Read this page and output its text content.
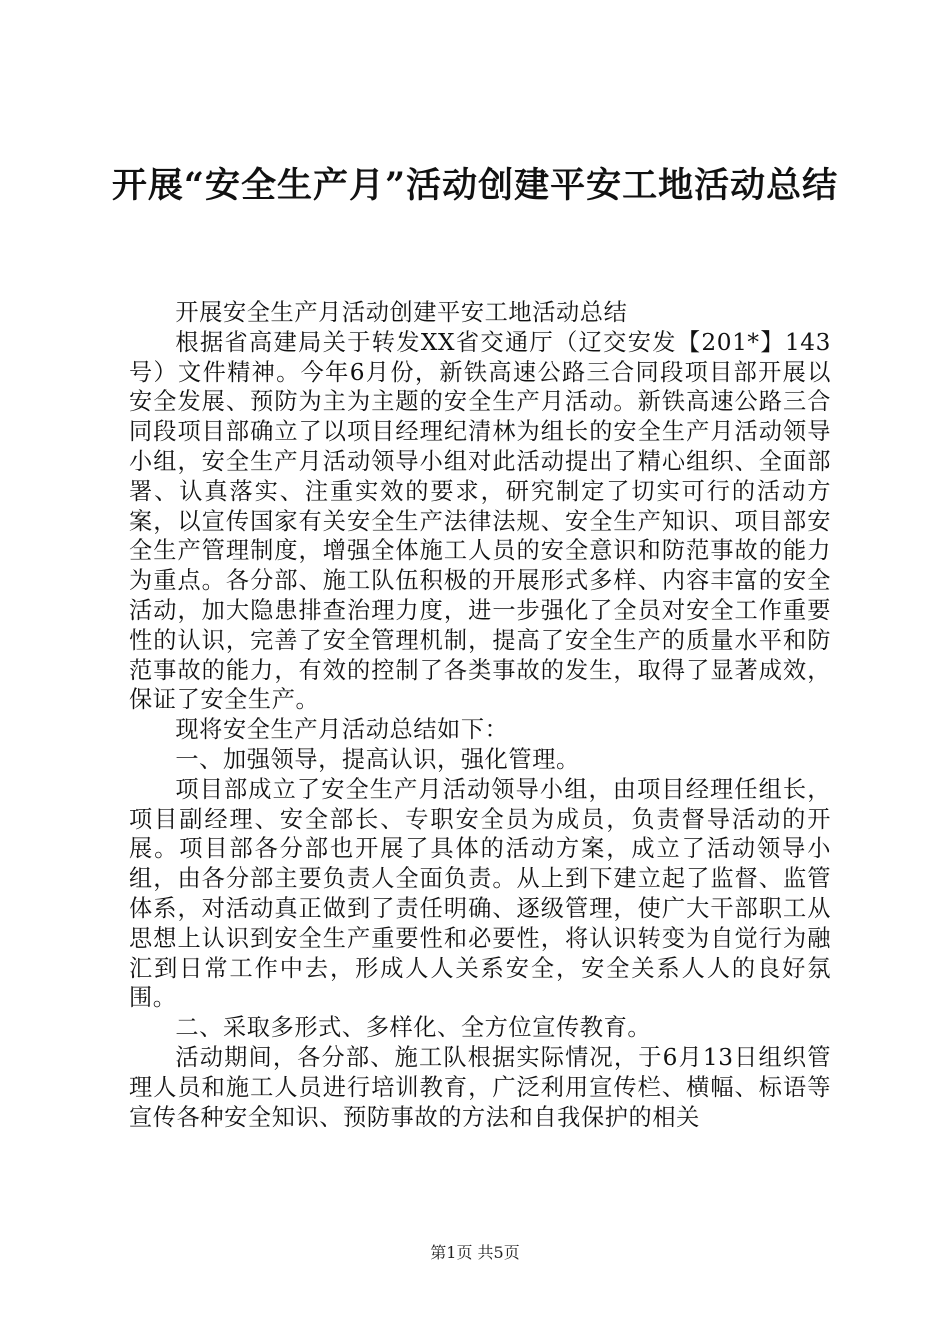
开展“安全生产月”活动创建平安工地活动总结

开展安全生产月活动创建平安工地活动总结

根据省高建局关于转发XX省交通厅（辽交安发【201*】143号）文件精神。今年6月份，新铁高速公路三合同段项目部开展以安全发展、预防为主为主题的安全生产月活动。新铁高速公路三合同段项目部确立了以项目经理纪清林为组长的安全生产月活动领导小组，安全生产月活动领导小组对此活动提出了精心组织、全面部署、认真落实、注重实效的要求，研究制定了切实可行的活动方案，以宣传国家有关安全生产法律法规、安全生产知识、项目部安全生产管理制度，增强全体施工人员的安全意识和防范事故的能力为重点。各分部、施工队伍积极的开展形式多样、内容丰富的安全活动，加大隐患排查治理力度，进一步强化了全员对安全工作重要性的认识，完善了安全管理机制，提高了安全生产的质量水平和防范事故的能力，有效的控制了各类事故的发生，取得了显著成效，保证了安全生产。

现将安全生产月活动总结如下：

一、加强领导，提高认识，强化管理。

项目部成立了安全生产月活动领导小组，由项目经理任组长，项目副经理、安全部长、专职安全员为成员，负责督导活动的开展。项目部各分部也开展了具体的活动方案，成立了活动领导小组，由各分部主要负责人全面负责。从上到下建立起了监督、监管体系，对活动真正做到了责任明确、逐级管理，使广大干部职工从思想上认识到安全生产重要性和必要性，将认识转变为自觉行为融汇到日常工作中去，形成人人关系安全，安全关系人人的良好氛围。

二、采取多形式、多样化、全方位宣传教育。

活动期间，各分部、施工队根据实际情况，于6月13日组织管理人员和施工人员进行培训教育，广泛利用宣传栏、横幅、标语等宣传各种安全知识、预防事故的方法和自我保护的相关

第1页 共5页
